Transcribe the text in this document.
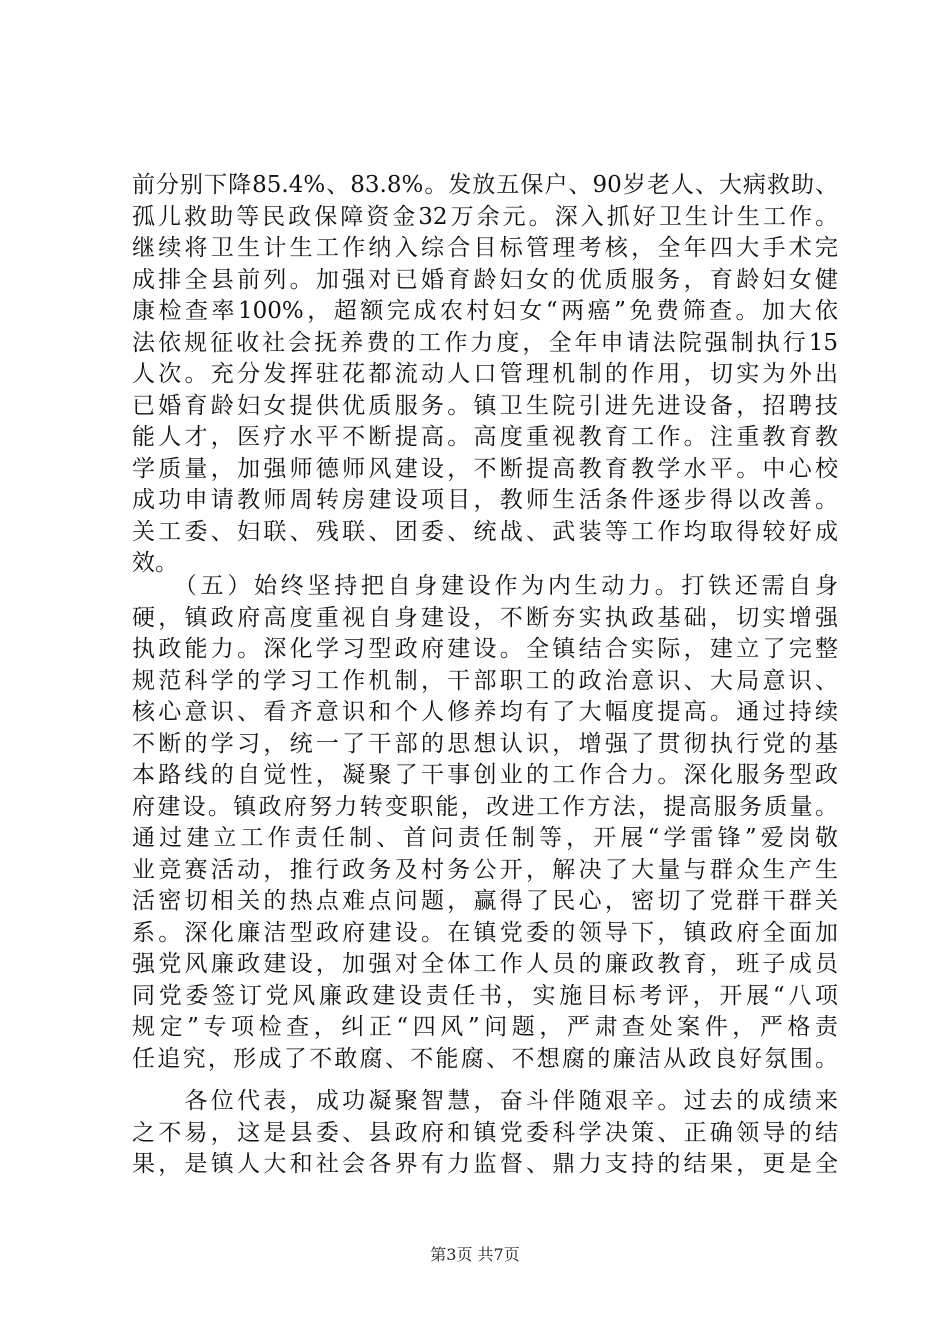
前分别下降85.4%、83.8%。发放五保户、90岁老人、大病救助、
孤儿救助等民政保障资金32万余元。深入抓好卫生计生工作。
继续将卫生计生工作纳入综合目标管理考核，全年四大手术完
成排全县前列。加强对已婚育龄妇女的优质服务，育龄妇女健
康检查率100%，超额完成农村妇女“两癌”免费筛查。加大依
法依规征收社会抚养费的工作力度，全年申请法院强制执行15
人次。充分发挥驻花都流动人口管理机制的作用，切实为外出
已婚育龄妇女提供优质服务。镇卫生院引进先进设备，招聘技
能人才，医疗水平不断提高。高度重视教育工作。注重教育教
学质量，加强师德师风建设，不断提高教育教学水平。中心校
成功申请教师周转房建设项目，教师生活条件逐步得以改善。
关工委、妇联、残联、团委、统战、武装等工作均取得较好成
效。
　　（五）始终坚持把自身建设作为内生动力。打铁还需自身
硬，镇政府高度重视自身建设，不断夯实执政基础，切实增强
执政能力。深化学习型政府建设。全镇结合实际，建立了完整
规范科学的学习工作机制，干部职工的政治意识、大局意识、
核心意识、看齐意识和个人修养均有了大幅度提高。通过持续
不断的学习，统一了干部的思想认识，增强了贯彻执行党的基
本路线的自觉性，凝聚了干事创业的工作合力。深化服务型政
府建设。镇政府努力转变职能，改进工作方法，提高服务质量。
通过建立工作责任制、首问责任制等，开展“学雷锋”爱岗敬
业竞赛活动，推行政务及村务公开，解决了大量与群众生产生
活密切相关的热点难点问题，赢得了民心，密切了党群干群关
系。深化廉洁型政府建设。在镇党委的领导下，镇政府全面加
强党风廉政建设，加强对全体工作人员的廉政教育，班子成员
同党委签订党风廉政建设责任书，实施目标考评，开展“八项
规定”专项检查，纠正“四风”问题，严肃查处案件，严格责
任追究，形成了不敢腐、不能腐、不想腐的廉洁从政良好氛围。
　　各位代表，成功凝聚智慧，奋斗伴随艰辛。过去的成绩来
之不易，这是县委、县政府和镇党委科学决策、正确领导的结
果，是镇人大和社会各界有力监督、鼎力支持的结果，更是全
第3页 共7页
